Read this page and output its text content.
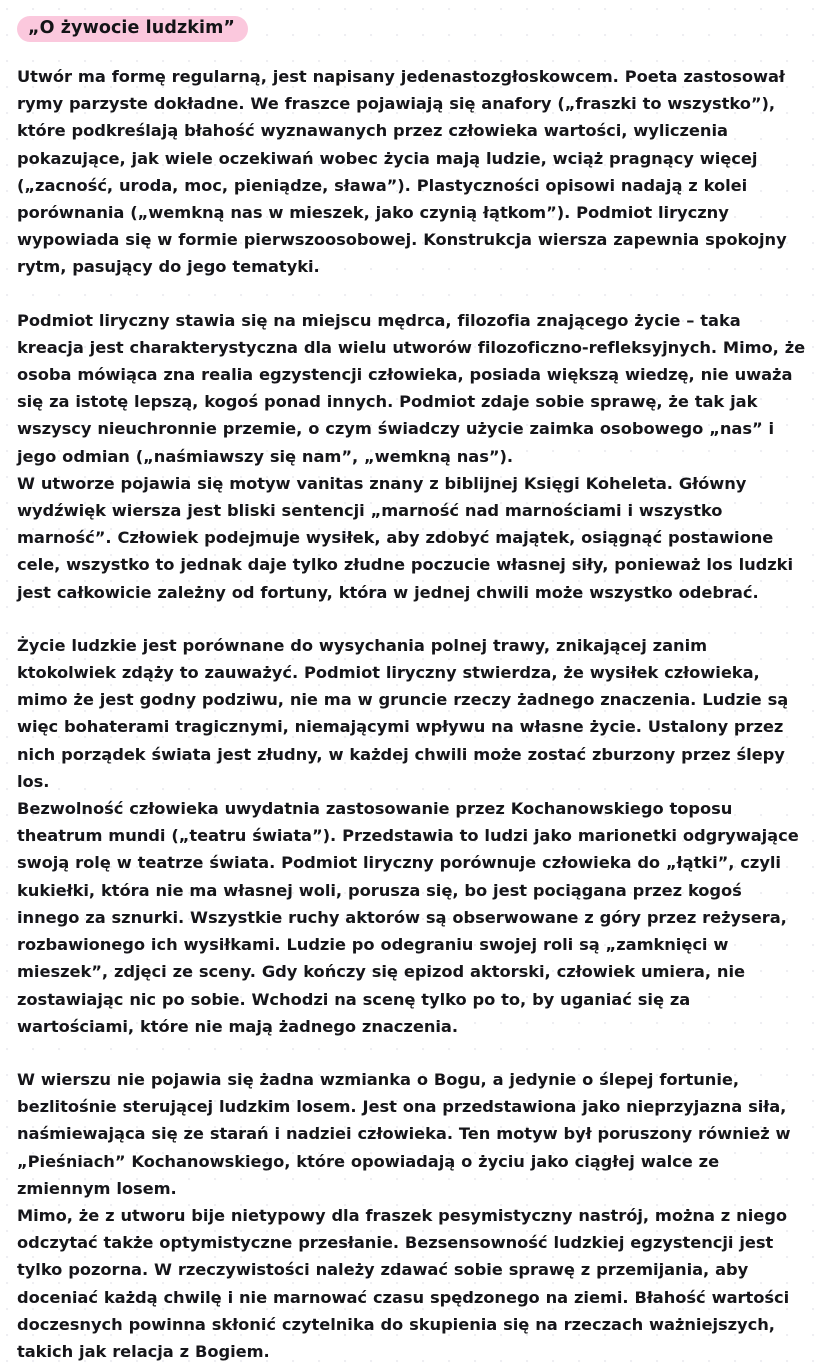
„O żywocie ludzkim”
Utwór ma formę regularną, jest napisany jedenastozgłoskowcem. Poeta zastosował rymy parzyste dokładne. We fraszce pojawiają się anafory („fraszki to wszystko”), które podkreślają błahość wyznawanych przez człowieka wartości, wyliczenia pokazujące, jak wiele oczekiwań wobec życia mają ludzie, wciąż pragnący więcej („zacność, uroda, moc, pieniądze, sława”). Plastyczności opisowi nadają z kolei porównania („wemkną nas w mieszek, jako czynią łątkom”). Podmiot liryczny wypowiada się w formie pierwszoosobowej. Konstrukcja wiersza zapewnia spokojny rytm, pasujący do jego tematyki.
Podmiot liryczny stawia się na miejscu mędrca, filozofia znającego życie – taka kreacja jest charakterystyczna dla wielu utworów filozoficzno-refleksyjnych. Mimo, że osoba mówiąca zna realia egzystencji człowieka, posiada większą wiedzę, nie uważa się za istotę lepszą, kogoś ponad innych. Podmiot zdaje sobie sprawę, że tak jak wszyscy nieuchronnie przemie, o czym świadczy użycie zaimka osobowego „nas” i jego odmian („naśmiawszy się nam”, „wemkną nas”).
W utworze pojawia się motyw vanitas znany z biblijnej Księgi Koheleta. Główny wydźwięk wiersza jest bliski sentencji „marność nad marnościami i wszystko marność”. Człowiek podejmuje wysiłek, aby zdobyć majątek, osiągnąć postawione cele, wszystko to jednak daje tylko złudne poczucie własnej siły, ponieważ los ludzki jest całkowicie zależny od fortuny, która w jednej chwili może wszystko odebrać.
Życie ludzkie jest porównane do wysychania polnej trawy, znikającej zanim ktokolwiek zdąży to zauważyć. Podmiot liryczny stwierdza, że wysiłek człowieka, mimo że jest godny podziwu, nie ma w gruncie rzeczy żadnego znaczenia. Ludzie są więc bohaterami tragicznymi, niemającymi wpływu na własne życie. Ustalony przez nich porządek świata jest złudny, w każdej chwili może zostać zburzony przez ślepy los.
Bezwolność człowieka uwydatnia zastosowanie przez Kochanowskiego toposu theatrum mundi („teatru świata”). Przedstawia to ludzi jako marionetki odgrywające swoją rolę w teatrze świata. Podmiot liryczny porównuje człowieka do „łątki”, czyli kukiełki, która nie ma własnej woli, porusza się, bo jest pociągana przez kogoś innego za sznurki. Wszystkie ruchy aktorów są obserwowane z góry przez reżysera, rozbawionego ich wysiłkami. Ludzie po odegraniu swojej roli są „zamknięci w mieszek”, zdjęci ze sceny. Gdy kończy się epizod aktorski, człowiek umiera, nie zostawiając nic po sobie. Wchodzi na scenę tylko po to, by uganiać się za wartościami, które nie mają żadnego znaczenia.
W wierszu nie pojawia się żadna wzmianka o Bogu, a jedynie o ślepej fortunie, bezlitośnie sterującej ludzkim losem. Jest ona przedstawiona jako nieprzyjazna siła, naśmiewająca się ze starań i nadziei człowieka. Ten motyw był poruszony również w „Pieśniach” Kochanowskiego, które opowiadają o życiu jako ciągłej walce ze zmiennym losem.
Mimo, że z utworu bije nietypowy dla fraszek pesymistyczny nastrój, można z niego odczytać także optymistyczne przesłanie. Bezsensowność ludzkiej egzystencji jest tylko pozorna. W rzeczywistości należy zdawać sobie sprawę z przemijania, aby doceniać każdą chwilę i nie marnować czasu spędzonego na ziemi. Błahość wartości doczesnych powinna skłonić czytelnika do skupienia się na rzeczach ważniejszych, takich jak relacja z Bogiem.
